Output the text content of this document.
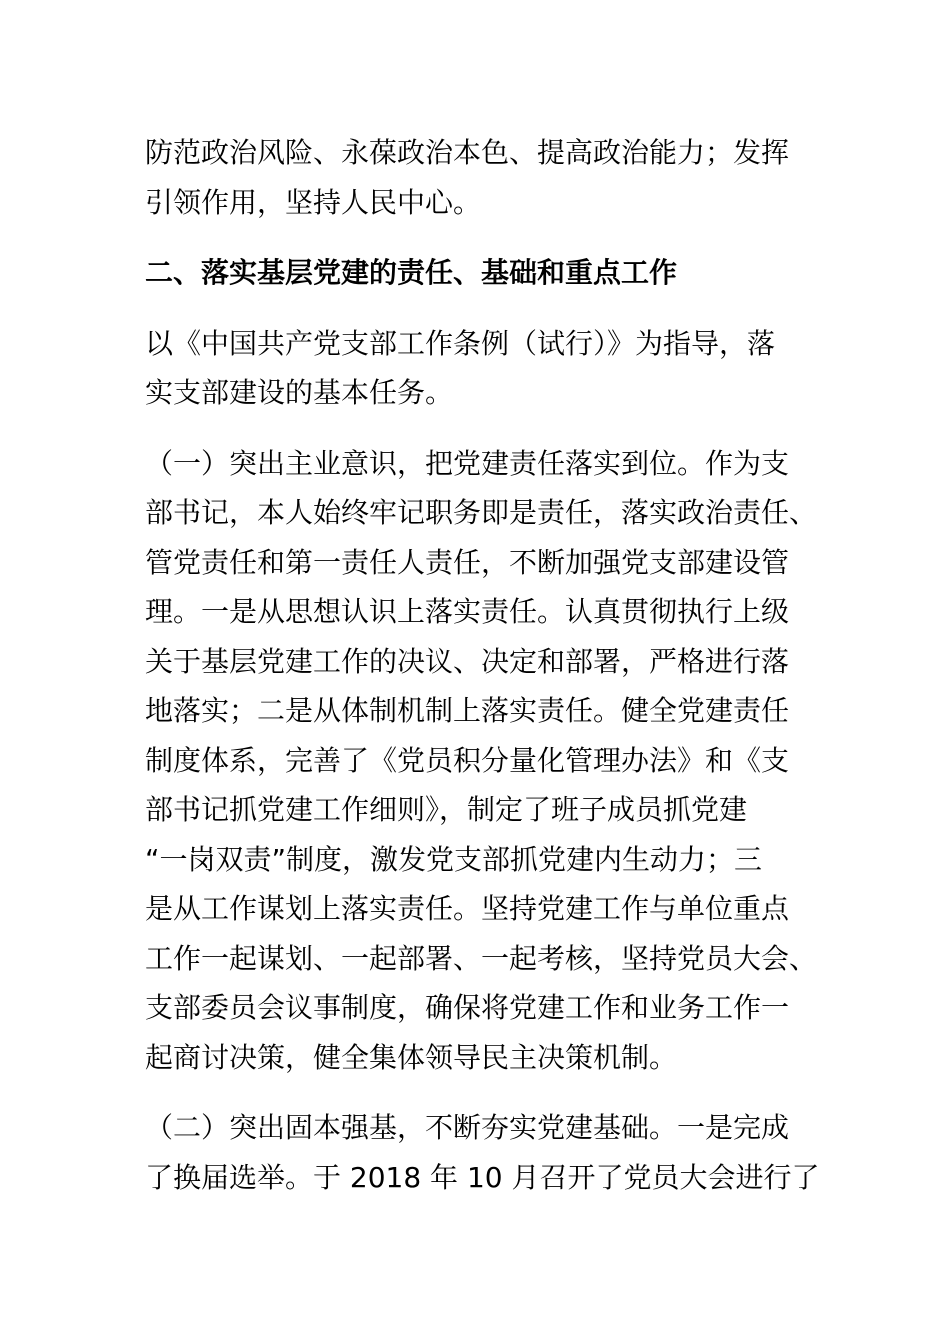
防范政治风险、永葆政治本色、提高政治能力；发挥
引领作用，坚持人民中心。
二、落实基层党建的责任、基础和重点工作
以《中国共产党支部工作条例（试行）》为指导，落
实支部建设的基本任务。
（一）突出主业意识，把党建责任落实到位。作为支
部书记，本人始终牢记职务即是责任，落实政治责任、
管党责任和第一责任人责任，不断加强党支部建设管
理。一是从思想认识上落实责任。认真贯彻执行上级
关于基层党建工作的决议、决定和部署，严格进行落
地落实；二是从体制机制上落实责任。健全党建责任
制度体系，完善了《党员积分量化管理办法》和《支
部书记抓党建工作细则》，制定了班子成员抓党建
“一岗双责”制度，激发党支部抓党建内生动力；三
是从工作谋划上落实责任。坚持党建工作与单位重点
工作一起谋划、一起部署、一起考核，坚持党员大会、
支部委员会议事制度，确保将党建工作和业务工作一
起商讨决策，健全集体领导民主决策机制。
（二）突出固本强基，不断夯实党建基础。一是完成
了换届选举。于 2018 年 10 月召开了党员大会进行了
